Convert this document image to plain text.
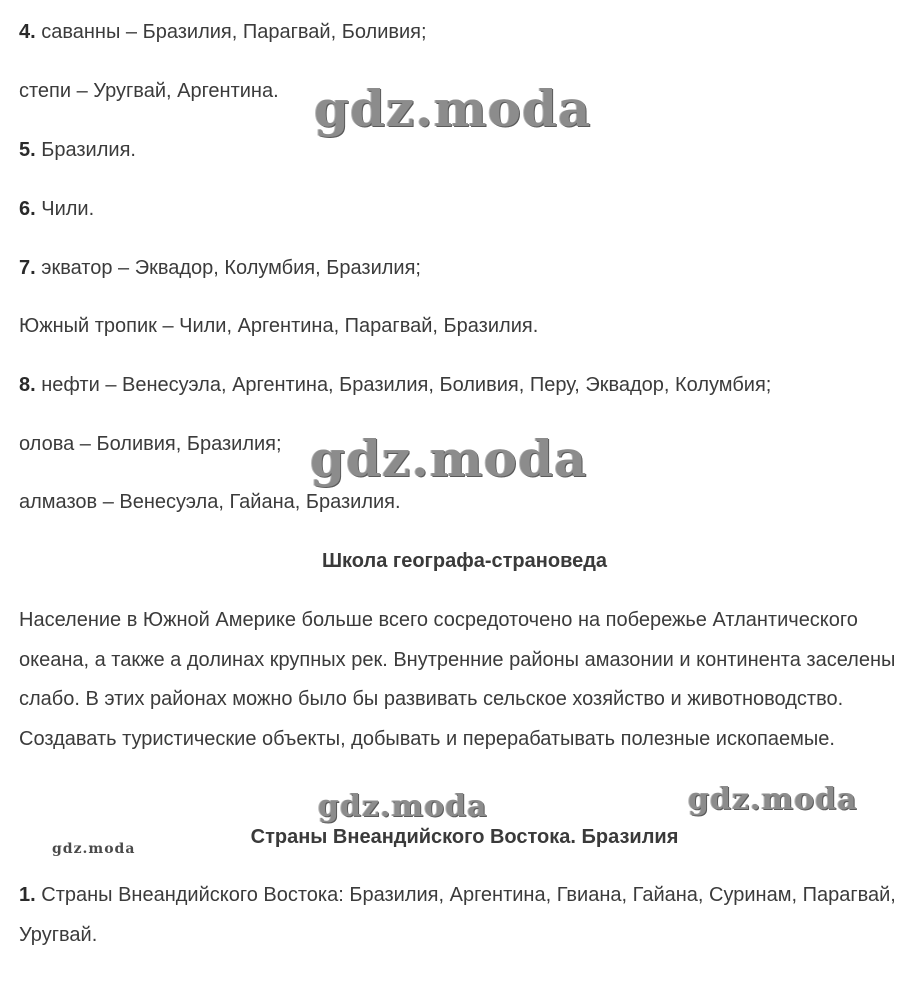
4. саванны – Бразилия, Парагвай, Боливия;
степи – Уругвай, Аргентина.
5. Бразилия.
6. Чили.
7. экватор – Эквадор, Колумбия, Бразилия;
Южный тропик – Чили, Аргентина, Парагвай, Бразилия.
8. нефти – Венесуэла, Аргентина, Бразилия, Боливия, Перу, Эквадор, Колумбия;
олова – Боливия, Бразилия;
алмазов – Венесуэла, Гайана, Бразилия.
Школа географа-страноведа
Население в Южной Америке больше всего сосредоточено на побережье Атлантического океана, а также а долинах крупных рек. Внутренние районы амазонии и континента заселены слабо. В этих районах можно было бы развивать сельское хозяйство и животноводство. Создавать туристические объекты, добывать и перерабатывать полезные ископаемые.
Страны Внеандийского Востока. Бразилия
1. Страны Внеандийского Востока: Бразилия, Аргентина, Гвиана, Гайана, Суринам, Парагвай, Уругвай.
gdz.moda
gdz.moda
gdz.moda	gdz.moda
gdz.moda
